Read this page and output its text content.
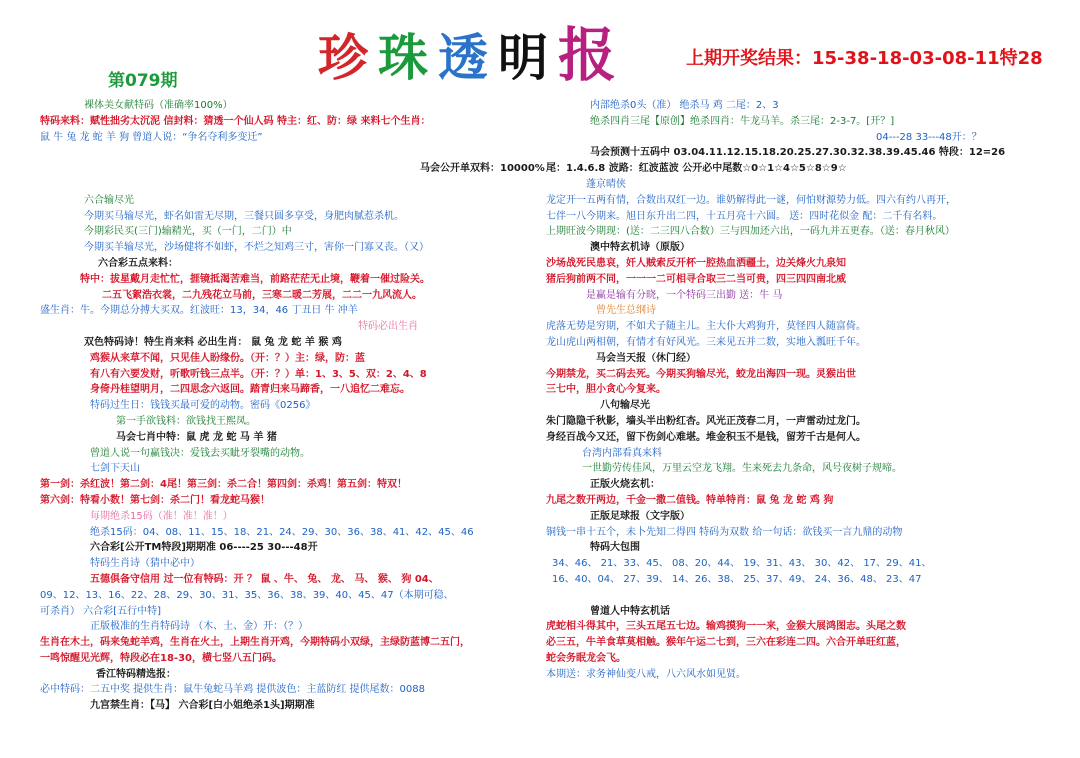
珍 珠 透 明 报	上期开奖结果：15-38-18-03-08-11特28
第079期
裸体美女献特码（准确率100%）
特码来料：赋性拙劣太沉泥 信封料：猜透一个仙人码 特主：红、防：绿 来料七个生肖：
鼠 牛 兔 龙 蛇 羊 狗 曾道人说：“争名夺利多变迁”
马会公开单双料：10000%
六合输尽光
今期买马输尽光，虾名如雷无尽期，三餐只圆多享受，身肥肉腻惹杀机。
今期彩民买(三门)输精光，买（一门，二门）中
今期买羊输尽光，沙场健将不如虾，不烂之知鸡三寸，害你一门寡又丧。（又）
六合彩五点来料：
特中：拔星戴月走忙忙，捱镜抵渴苦难当，前路茫茫无止境，鞭着一催过险关。
二五飞絮浩衣裳，二九残花立马前，三寒二暖二芳展，二二一九风流人。
盛生肖：牛。今期总分搏大买双。红波旺：13，34，46 丁丑日 牛 冲羊
特码必出生肖
双色特码诗！特生肖来料 必出生肖： 鼠 兔 龙 蛇 羊 猴 鸡
鸡猴从来草不闻，只见佳人盼缘份。（开：？）主：绿，防：蓝
有八有六要发财，听歌听钱三点半。（开：？）单：1、3、5、双：2、4、8
身倚丹桂望明月，二四思念六返回。踏青归来马蹄香，一八追忆二难忘。
特码过生日：钱钱买最可爱的动物。密码《0256》
第一手欲钱料：欲钱找王熙凤。
马会七肖中特：鼠 虎 龙 蛇 马 羊 猪
曾道人说一句赢钱决：爱钱去买眦牙裂嘴的动物。
七剑下天山
第一剑：杀红波！第二剑：4尾！第三剑：杀二合！第四剑：杀鸡！第五剑：特双！
第六剑：特看小数！第七剑：杀二门！看龙蛇马猴！
每期绝杀15码（准！准！准！）
绝杀15码：04、08、11、15、18、21、24、29、30、36、38、41、42、45、46
六合彩[公开TM特段]期期准 06----25 30---48开
特码生肖诗（猜中必中）
五德俱备守信用 过一位有特码：开 ？ 鼠 、牛、 兔、 龙、 马、 猴、 狗 04、
09、12、13、16、22、28、29、30、31、35、36、38、39、40、45、47（本期可稳、
可杀肖） 六合彩[五行中特]
正版极准的生肖特码诗 （木、土、金）开：（？）
生肖在木土，码来兔蛇羊鸡，生肖在火土，上期生肖开鸡，今期特码小双绿，主绿防蓝博二五门，
一鸣惊醒见光辉，特段必在18-30，横七竖八五门码。
香江特码精选报：
必中特码：二五中奖 提供生肖：鼠牛兔蛇马羊鸡 提供波色：主蓝防红 提供尾数：0088
九宫禁生肖：【马】 六合彩[白小姐绝杀1头]期期准
内部绝杀0头（准） 绝杀马 鸡 二尾：2、3
绝杀四肖三尾【原创】绝杀四肖：牛龙马羊。杀三尾：2-3-7。[开？]
04---28 33---48开：？
马会预测十五码中 03.04.11.12.15.18.20.25.27.30.32.38.39.45.46 特段：12=26
尾：1.4.6.8 波路：红波蓝波 公开必中尾数☆0☆1☆4☆5☆8☆9☆
蓬京晴侠
龙定开一五两有情，合数出双红一边。谁奶解得此一谜，何怕财源势力低。四六有约八再开，
七伴一八今期来。旭日东升出二四，十五月亮十六圆。 送：四时花似金 配：二千有名料。
上期旺波今期现：(送：二三四八合数）三与四加还六出，一码九并五更春。（送：春月秋风）
澳中特玄机诗（原版）
沙场战死民患哀，奸人贼索反开杯一腔热血洒疆土，边关烽火九泉知
猪后狗前两不同，一一一二可相寻合取三二当可贵，四三四四南北威
是赢是输有分晓，一个特码三出勤 送：牛 马
曾先生总纲诗
虎落无势是穷期，不如犬子随主儿。主大仆大鸡狗升，莫怪四人随富倚。
龙山虎山两相朝，有情才有好风光。三来见五并二数，实地入瓢旺千年。
马会当天报（休门经）
今期禁龙，买二码去死。今期买狗输尽光，蛟龙出海四一现。灵猴出世
三七中，胆小贪心今复来。
八句输尽光
朱门隐隐千秋影，墙头半出粉红杏。风光正茂春二月，一声雷动过龙门。
身经百战今又还，留下伤剑心难堪。堆金积玉不是钱，留芳千古是何人。
台湾内部看真来料
一世勤劳传佳风，万里云空龙飞翔。生来死去九条命，风号夜树子规啼。
正版火烧玄机：
九尾之数开两边，千金一撒二值钱。特单特肖：鼠 兔 龙 蛇 鸡 狗
正版足球报（文字版）
铜钱一串十五个，未卜先知二得四 特码为双数 给一句话：欲钱买一言九鼎的动物
特码大包围
34、46、 21、33、45、 08、20、44、 19、31、43、 30、42、 17、29、41、
16、40、04、 27、39、 14、26、38、 25、37、49、 24、36、48、 23、47
曾道人中特玄机话
虎蛇相斗得其中，三头五尾五七边。输鸡摸狗一一来，金猴大展鸿图志。头尾之数
必三五，牛羊食草莫相触。猴年午运二七到，三六在彩连二四。六合开单旺红蓝，
蛇会务眠龙会飞。
本期送：求务神仙变八戒，八六风水如见贤。
